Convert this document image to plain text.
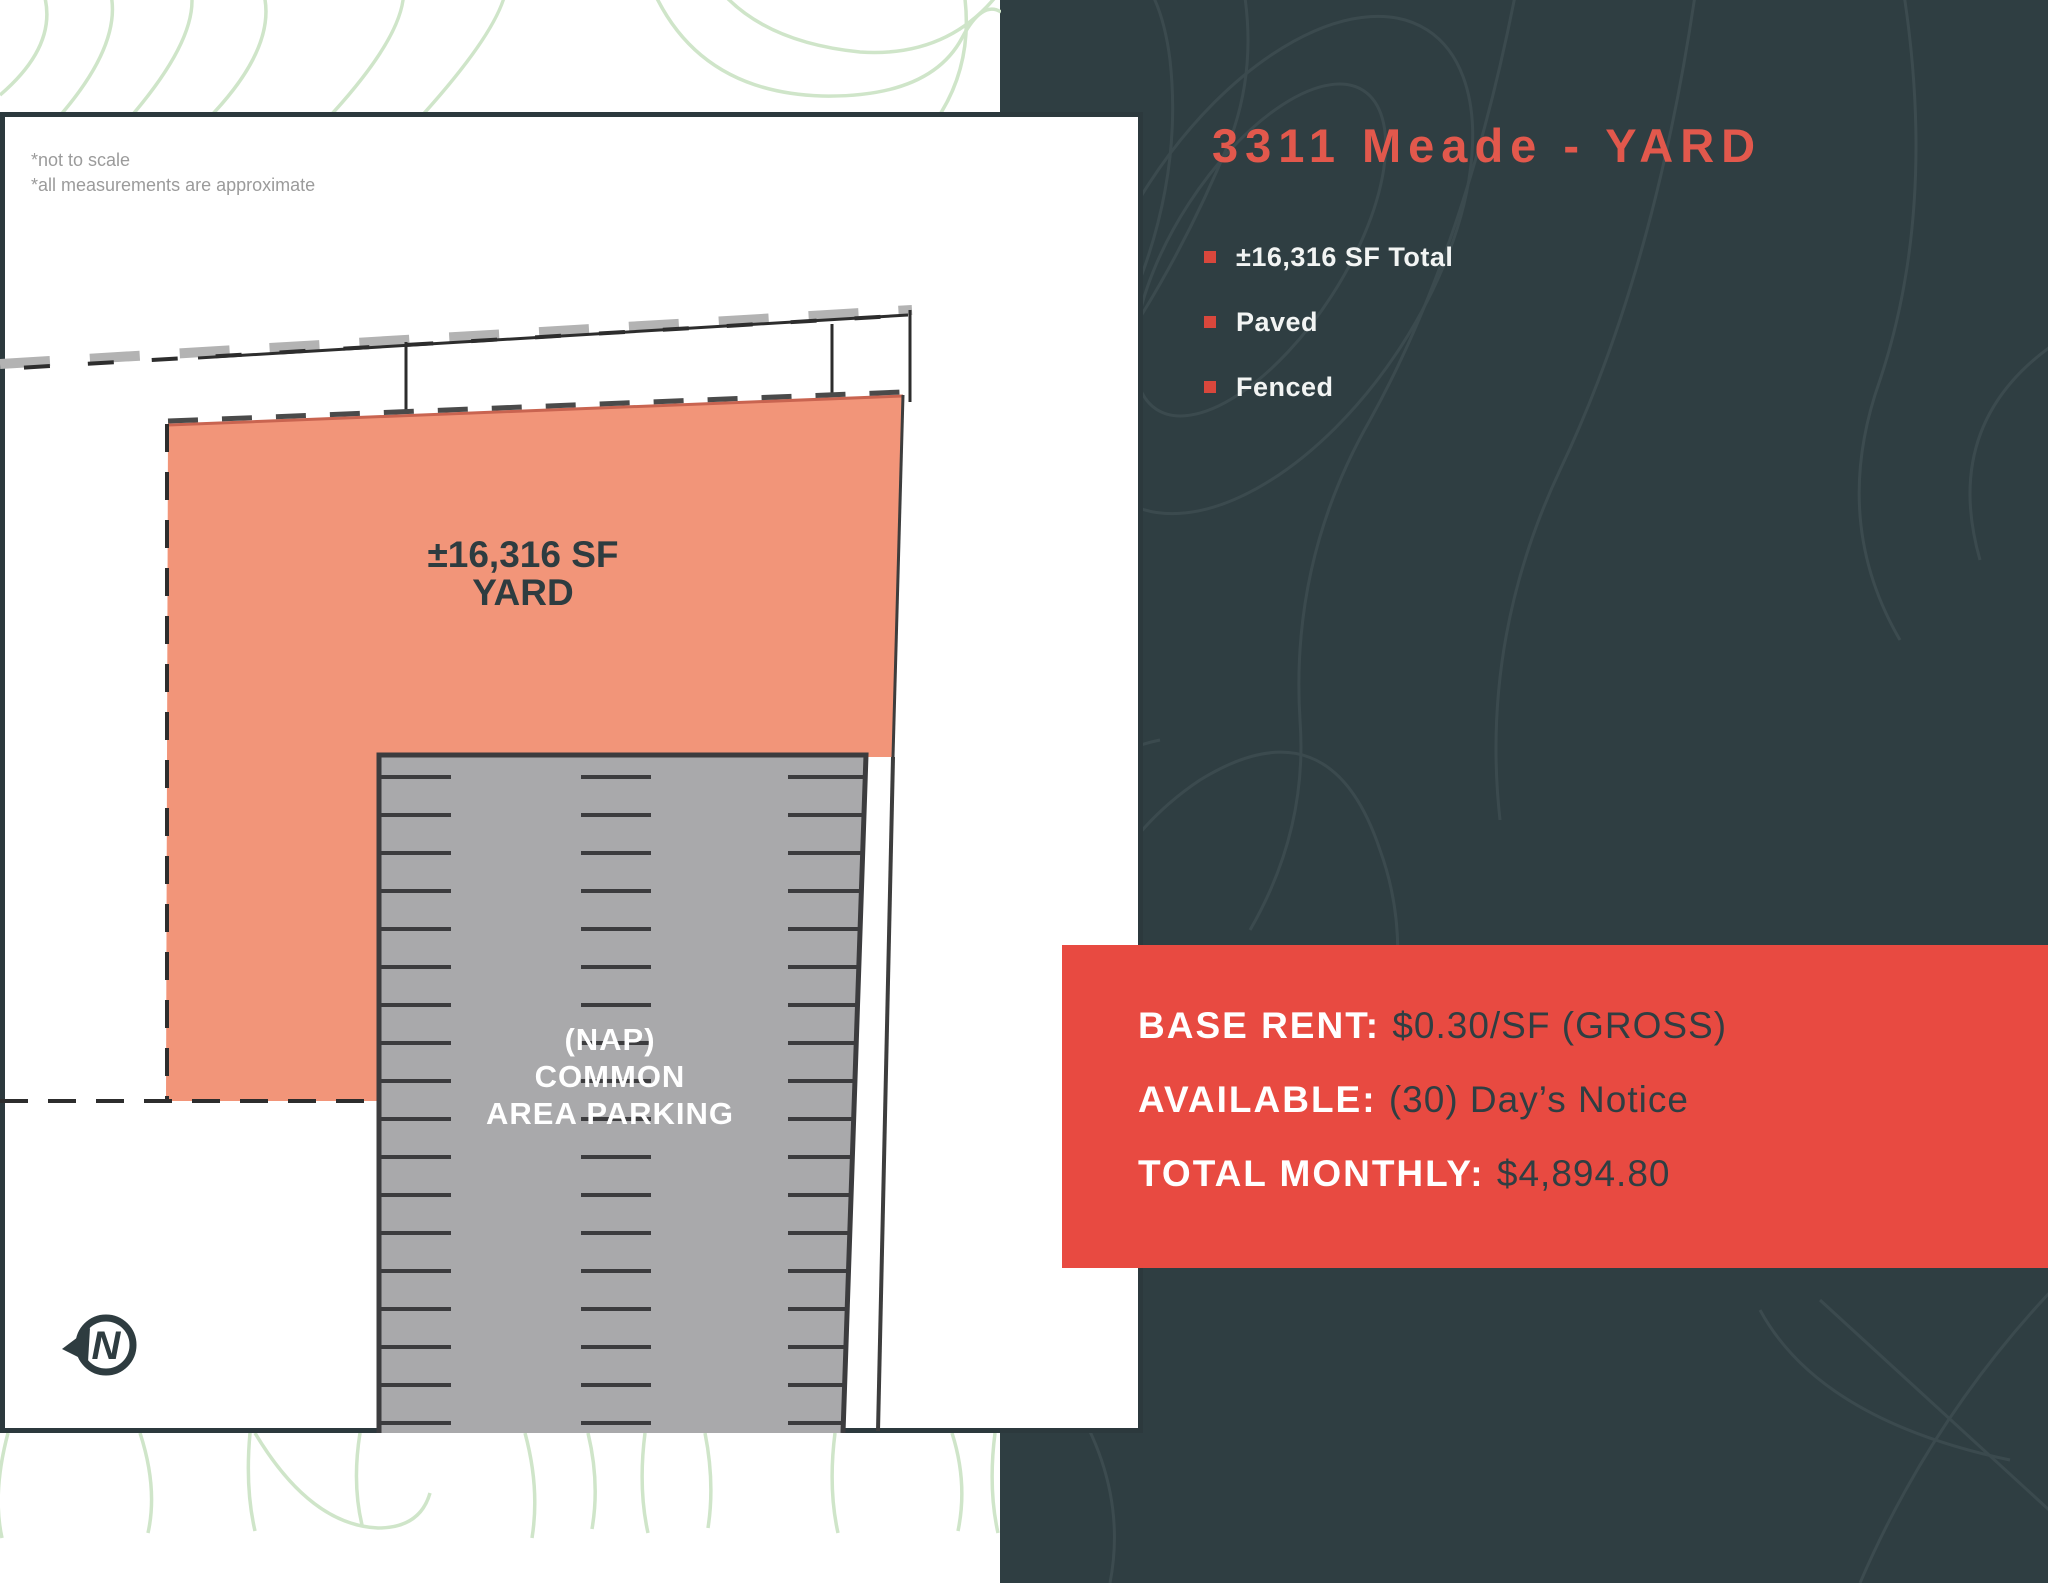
*not to scale
*all measurements are approximate
±16,316 SF
YARD
(NAP)
COMMON
AREA PARKING
N
3311 Meade - YARD
±16,316 SF Total
Paved
Fenced
BASE RENT: $0.30/SF (GROSS)
AVAILABLE: (30) Day’s Notice
TOTAL MONTHLY: $4,894.80
